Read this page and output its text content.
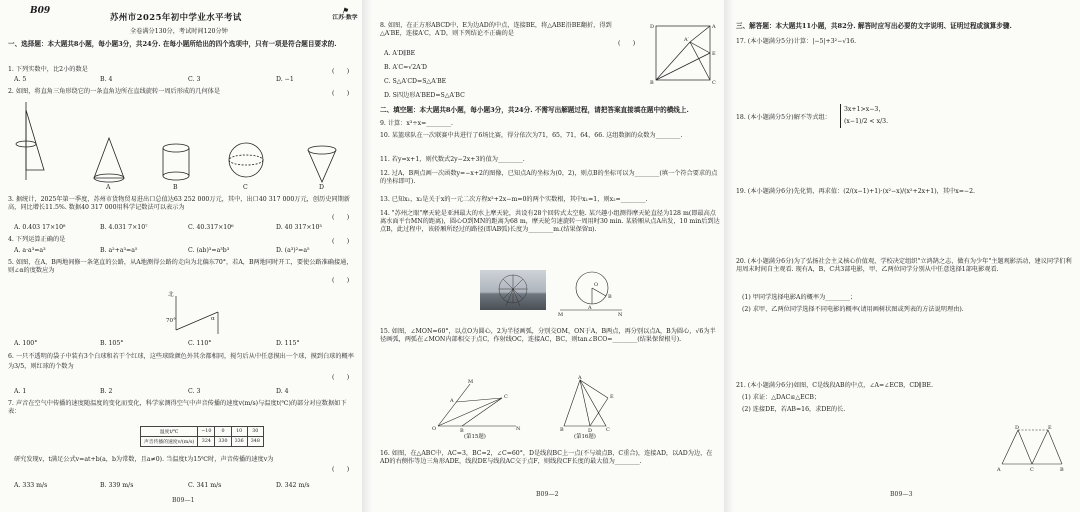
B09
苏州市2025年初中学业水平考试
⚑
江苏·数学
全卷满分130分，考试时间120分钟
一、选择题：本大题共8小题，每小题3分，共24分. 在每小题所给出的四个选项中，只有一项是符合题目要求的.
1. 下列实数中，比2小的数是	(　　)
A. 5	B. 4	C. 3	D. −1
2. 如图，将直角三角形绕它的一条直角边所在直线旋转一周后形成的几何体是	(　　)
A	B	C	D
3. 据统计，2025年第一季度，苏州市货物贸易进出口总值达63 252 000万元，其中，出口40 317 000万元，创历史同期新高，同比增长11.5%. 数据40 317 000用科学记数法可以表示为
(　　)
A. 0.403 17×10⁸	B. 4.031 7×10⁷	C. 40.317×10⁶	D. 40 317×10³
4. 下列运算正确的是	(　　)
A. a·a³=a³	B. a²+a³=a⁵	C. (ab)³=a³b³	D. (a³)²=a⁵
5. 如图，在A，B两地间修一条笔直的公路，从A地测得公路的走向为北偏东70°，若A，B两地同时开工，要使公路准确接通，则∠α的度数应为
(　　)
北
70°	α
A. 100°	B. 105°	C. 110°	D. 115°
6. 一只不透明的袋子中装有3个白球和若干个红球，这些球除颜色外其余都相同，搅匀后从中任意摸出一个球，摸到白球的概率为3/5，则红球的个数为
(　　)
A. 1	B. 2	C. 3	D. 4
7. 声音在空气中传播的速度随温度的变化而变化，科学家测得空气中声音传播的速度v(m/s)与温度t(℃)的部分对应数据如下表：
温度t/℃	−10	0	10	30
声音传播的速度v/(m/s)	324	330	336	348
研究发现v，t满足公式v=at+b(a，b为常数，且a≠0). 当温度t为15℃时，声音传播的速度v为
(　　)
A. 333 m/s	B. 339 m/s	C. 341 m/s	D. 342 m/s
B09—1
8. 如图，在正方形ABCD中，E为边AD的中点，连接BE，将△ABE沿BE翻折，得到△A′BE，连接A′C，A′D，则下列结论不正确的是
(　　)
A. A′D∥BE
B. A′C=√2A′D
C. S△A′CD=S△A′BE
D. S四边形A′BED=S△A′BC
D
B
A
C
E
A′
二、填空题：本大题共8小题，每小题3分，共24分. 不需写出解题过程，请把答案直接填在题中的横线上.
9. 计算：x³÷x=________.
10. 某篮球队在一次联赛中共进行了6场比赛，得分依次为71，65，71，64，66. 这组数据的众数为________.
11. 若y=x+1，则代数式2y−2x+3的值为________.
12. 过A，B两点画一次函数y=−x+2的图像，已知点A的坐标为(0，2)，则点B的坐标可以为________(填一个符合要求的点的坐标即可).
13. 已知x₁，x₂是关于x的一元二次方程x²+2x−m=0的两个实数根，其中x₁=1，则x₂=________.
14. "苏州之眼"摩天轮是亚洲最大的水上摩天轮，共设有28个回转式太空舱. 某兴趣小组测得摩天轮直径为128 m(即最高点离水面平台MN的距离)，圆心O到MN的距离为68 m，摩天轮匀速旋转一周用时30 min. 某轿厢从点A出发，10 min后到达点B，此过程中，该轿厢所经过的路径(即AB弧)长度为________m.(结果保留π).
M	N
O
A
B
15. 如图，∠MON=60°，以点O为圆心，2为半径画弧，分别交OM，ON于A，B两点，再分别以点A，B为圆心，√6为半径画弧，两弧在∠MON内部相交于点C，作射线OC，连接AC，BC，则tan∠BCO=________(结果保留根号).
M
N
O
C
A
B
(第15题)
A
B	C
D
E
(第16题)
16. 如图，在△ABC中，AC=3，BC=2，∠C=60°，D是线段BC上一点(不与端点B，C重合)，连接AD，以AD为边，在AD的右侧作等边三角形ADE，线段DE与线段AC交于点F，则线段CF长度的最大值为________.
B09—2
三、解答题：本大题共11小题，共82分. 解答时应写出必要的文字说明、证明过程或演算步骤.
17. (本小题满分5分)计算：|−5|+3²−√16.
18. (本小题满分5分)解不等式组：
3x+1>x−3，
(x−1)/2 < x/3.
19. (本小题满分6分)先化简，再求值：(2/(x−1)+1)·(x²−x)/(x²+2x+1)，其中x=−2.
20. (本小题满分6分)为了弘扬社会主义核心价值观，学校决定组织"立鸿鹄之志，做有为少年"主题观影活动，建议同学们利用周末时间自主观看. 现有A，B，C共3部电影，甲、乙两位同学分别从中任意选择1部电影观看.
(1) 甲同学选择电影A的概率为________；
(2) 求甲、乙两位同学选择不同电影的概率(请用画树状图或列表的方法说明理由).
21. (本小题满分6分)如图，C是线段AB的中点，∠A=∠ECB，CD∥BE.
(1) 求证：△DAC≌△ECB；
(2) 连接DE，若AB=16，求DE的长.
A	C	B
D	E
B09—3
